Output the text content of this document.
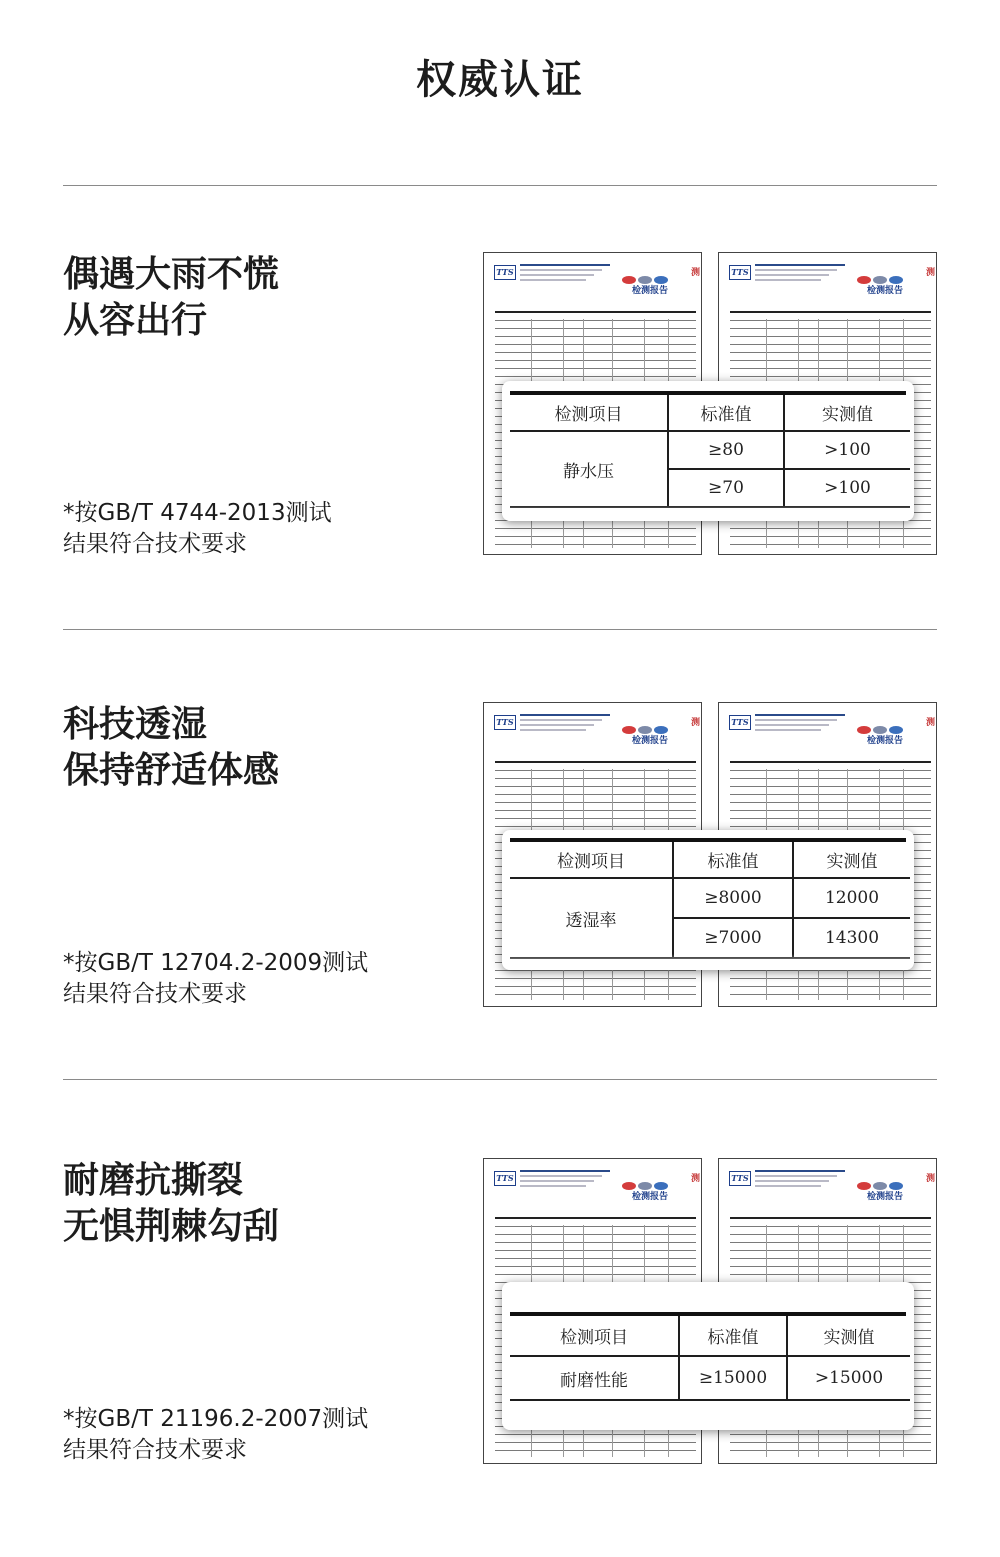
权威认证
偶遇大雨不慌
从容出行
*按GB/T 4744-2013测试
结果符合技术要求
TTS
检测报告
测	TTS
检测报告
测
检测项目	标准值	实测值
静水压	≥80	>100
	≥70	>100
科技透湿
保持舒适体感
*按GB/T 12704.2-2009测试
结果符合技术要求
TTS
检测报告
测	TTS
检测报告
测
检测项目	标准值	实测值
透湿率	≥8000	12000
	≥7000	14300
耐磨抗撕裂
无惧荆棘勾刮
*按GB/T 21196.2-2007测试
结果符合技术要求
TTS
检测报告
测	TTS
检测报告
测
检测项目	标准值	实测值
耐磨性能	≥15000	>15000
